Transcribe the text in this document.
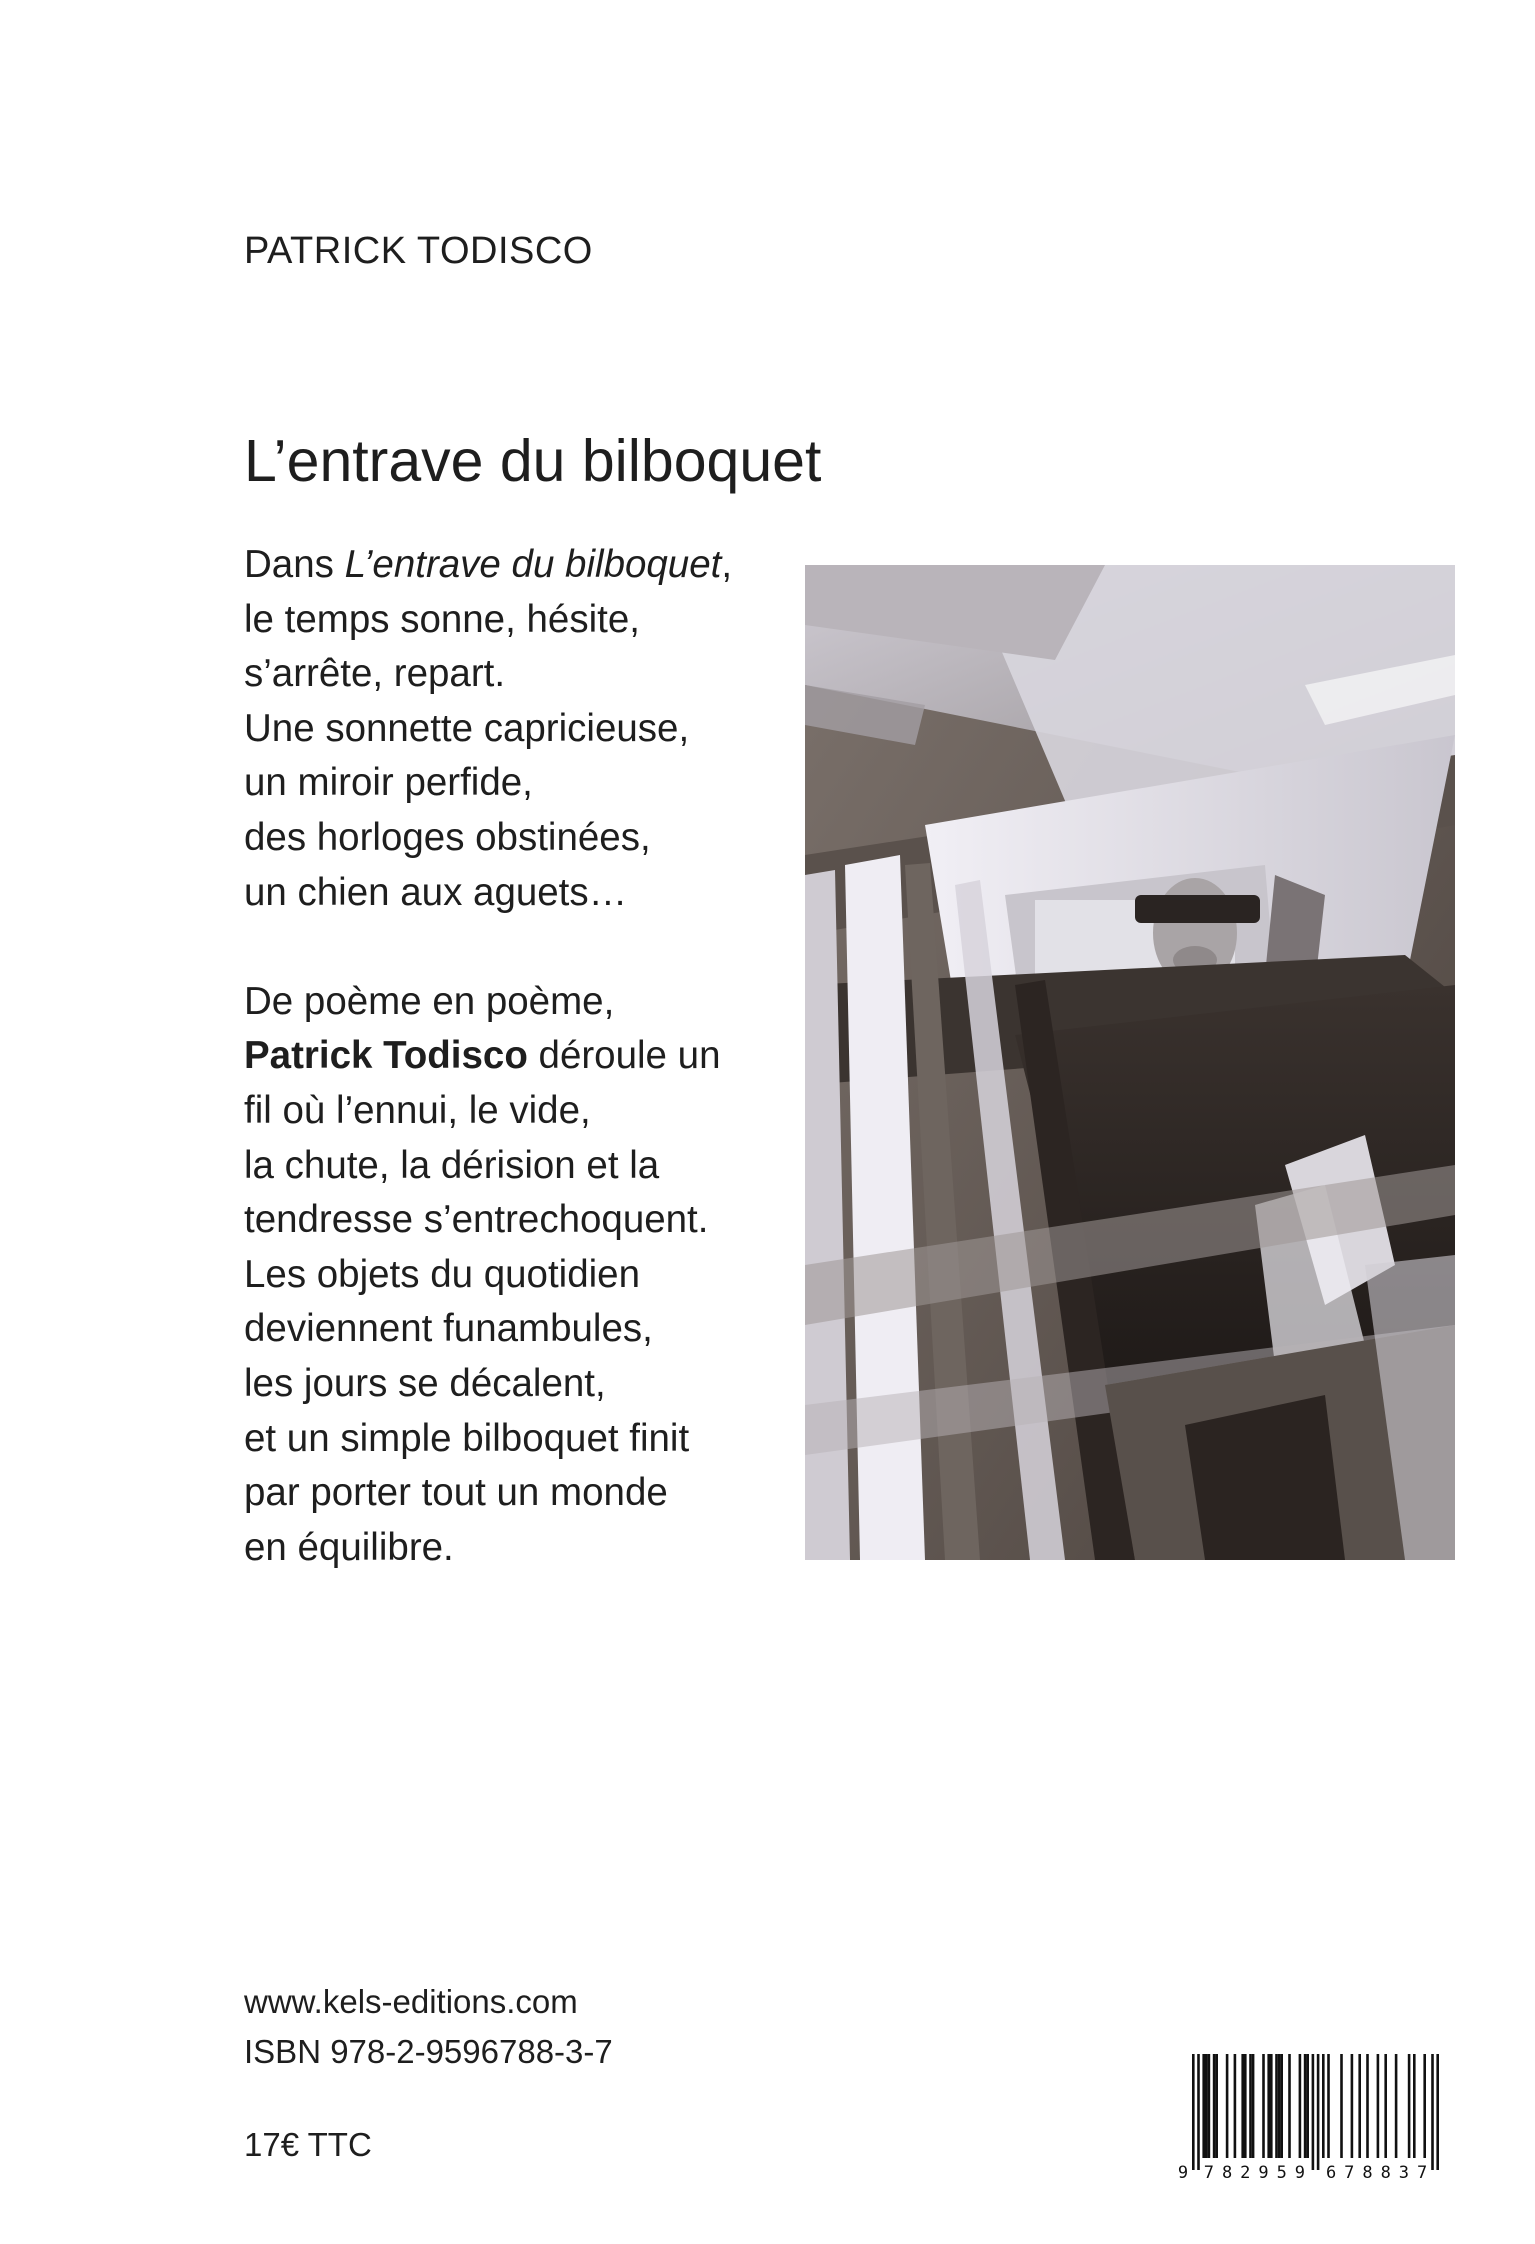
PATRICK TODISCO
L’entrave du bilboquet
Dans L’entrave du bilboquet,
le temps sonne, hésite,
s’arrête, repart.
Une sonnette capricieuse,
un miroir perfide,
des horloges obstinées,
un chien aux aguets…
De poème en poème,
Patrick Todisco déroule un
fil où l’ennui, le vide,
la chute, la dérision et la
tendresse s’entrechoquent.
Les objets du quotidien
deviennent funambules,
les jours se décalent,
et un simple bilboquet finit
par porter tout un monde
en équilibre.
www.kels-editions.com
ISBN 978-2-9596788-3-7
17€ TTC
9 7 8 2 9 5 9 6 7 8 8 3 7
